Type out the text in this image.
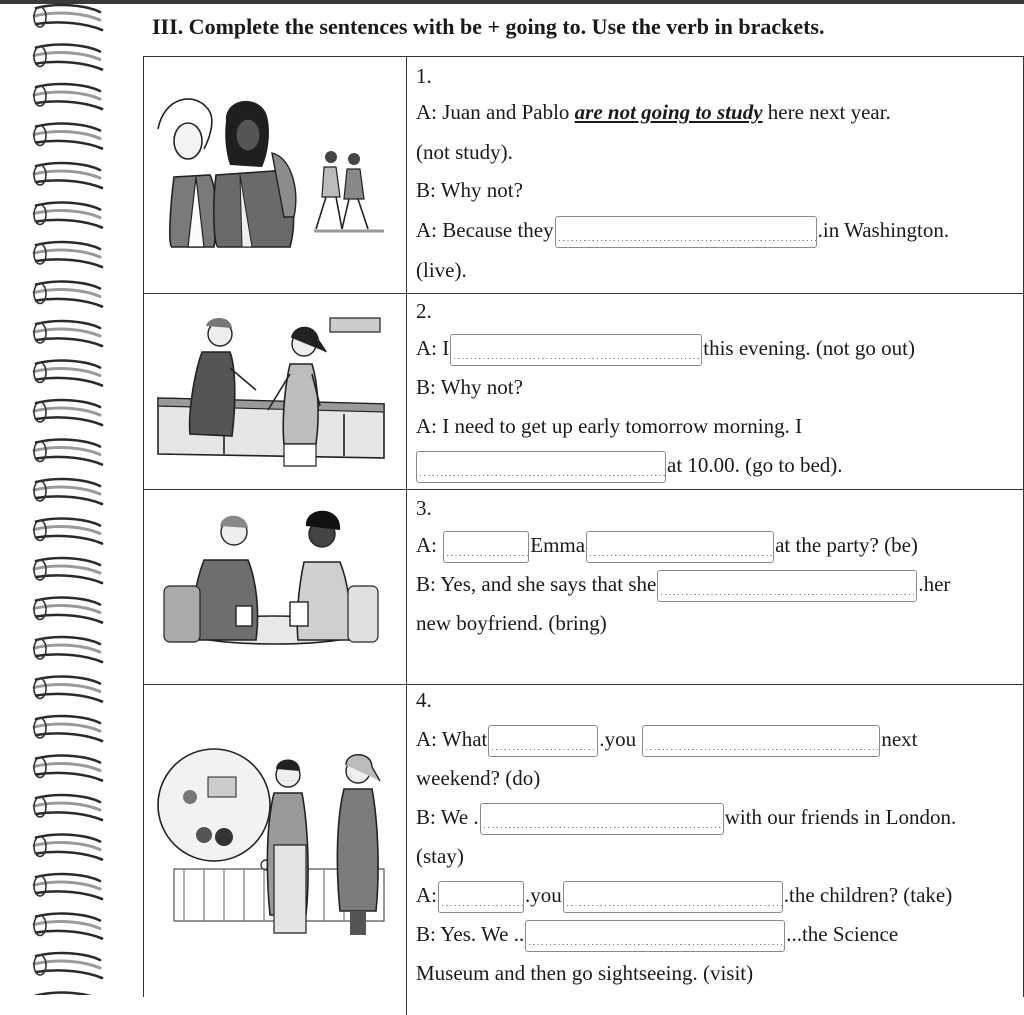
III. Complete the sentences with be + going to. Use the verb in brackets.
1.
A: Juan and Pablo are not going to study here next year.
(not study).
B: Why not?
A: Because they	.in Washington.
(live).
2.
A: I	this evening. (not go out)
B: Why not?
A: I need to get up early tomorrow morning. I
at 10.00. (go to bed).
3.
A:	Emma	at the party? (be)
B: Yes, and she says that she	.her
new boyfriend. (bring)
4.
A: What	.you	next
weekend? (do)
B: We .	with our friends in London.
(stay)
A:	.you	.the children? (take)
B: Yes. We ..	...the Science
Museum and then go sightseeing. (visit)
